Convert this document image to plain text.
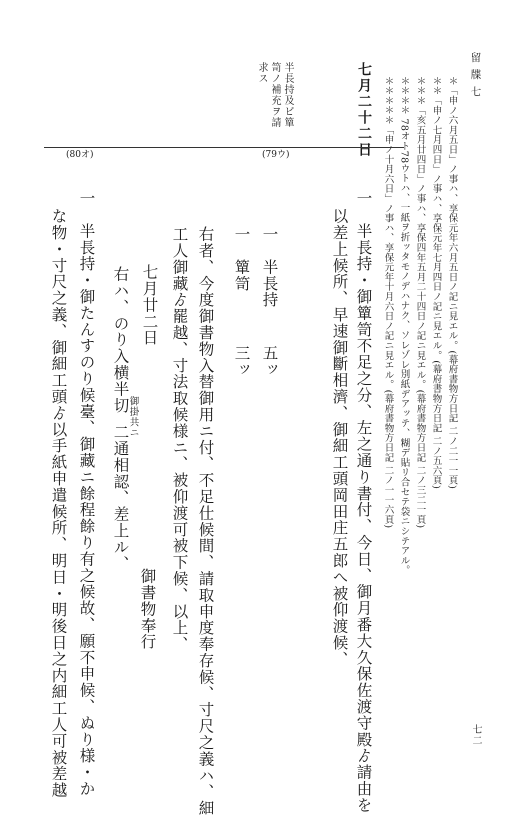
留 牒 七
七二
＊「申ノ六月五日」ノ事ハ、享保元年六月五日ノ記ニ見エル。(幕府書物方日記 二ノ二一一頁)
＊＊「申ノ七月四日」ノ事ハ、享保元年七月四日ノ記ニ見エル。(幕府書物方日記 二ノ五六頁)
＊＊＊「亥五月廿四日」ノ事ハ、享保四年五月二十四日ノ記ニ見エル。(幕府書物方日記 二ノ三二一頁)
＊＊＊＊ 78オト78ウトハ、一紙ヲ折ッタモノデハナク、ソレゾレ別紙デアッテ、糊デ貼リ合セテ袋ニシテアル。
＊＊＊＊＊「申ノ十月六日」ノ事ハ、享保元年十月六日ノ記ニ見エル。(幕府書物方日記 二ノ一一六頁)
七月二十二日
半長持及ビ簞
笥ノ補充ヲ請
求ス
(79ウ)
(80オ)
一　半長持・御簞笥不足之分、左之通り書付、今日、御月番大久保佐渡守殿ゟ請由を
以差上候所、早速御斷相濟、御細工頭岡田庄五郎へ被仰渡候、
一　半長持
五ッ
一　簞笥
三ッ
右者、今度御書物入替御用ニ付、不足仕候間、請取申度奉存候、寸尺之義ハ、細
工人御藏ゟ罷越、寸法取候様ニ、被仰渡可被下候、以上、
七月廿二日
御書物奉行
右ハ、のり入横半切
御掛共ニ
二通相認、差上ル、
一　半長持・御たんすのり候臺、御藏ニ餘程餘り有之候故、願不申候、ぬり様・か
な物・寸尺之義、御細工頭ゟ以手紙申遣候所、明日・明後日之内細工人可被差越
